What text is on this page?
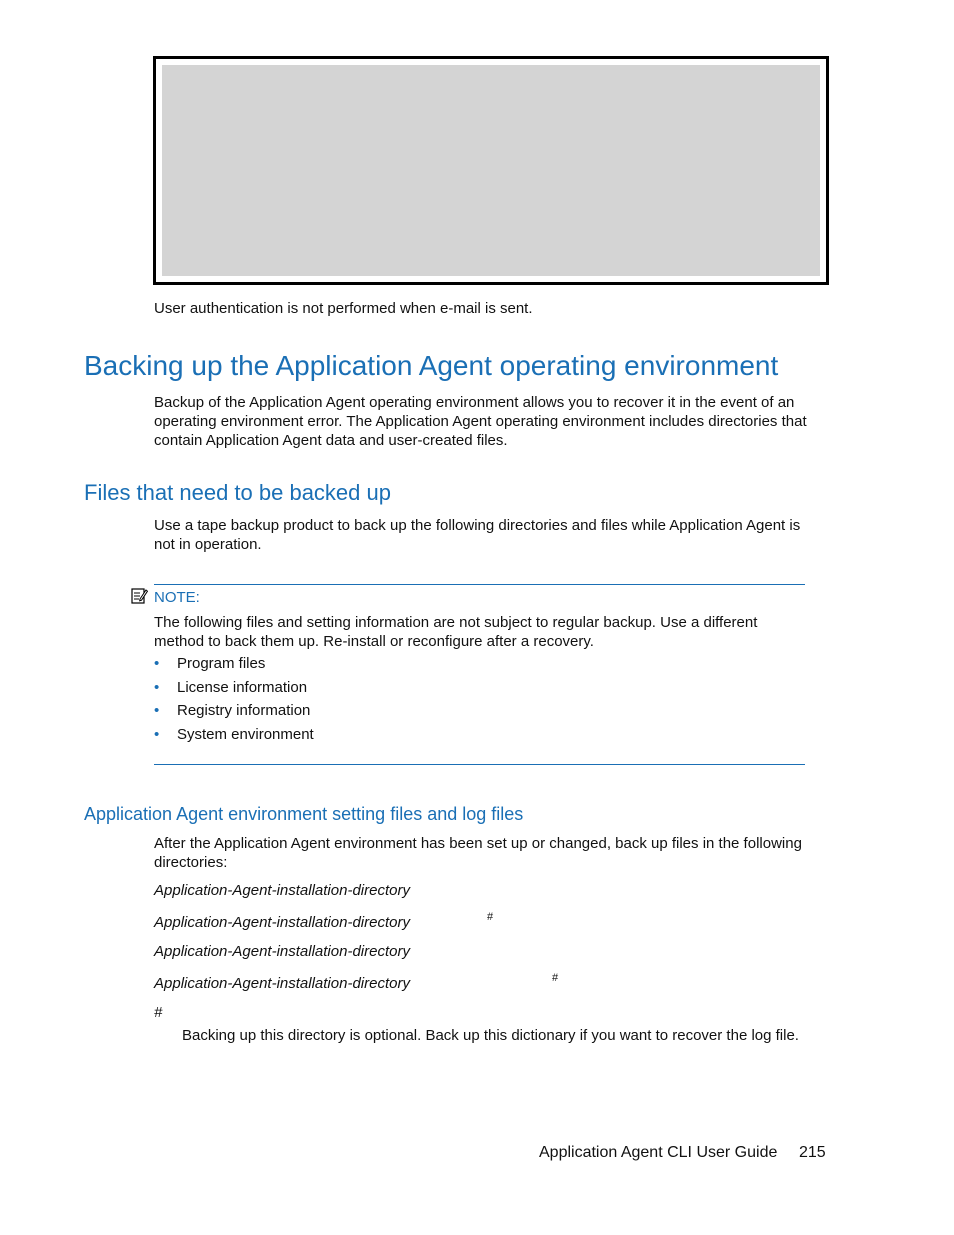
User authentication is not performed when e-mail is sent.
Backing up the Application Agent operating environment
Backup of the Application Agent operating environment allows you to recover it in the event of an operating environment error. The Application Agent operating environment includes directories that contain Application Agent data and user-created files.
Files that need to be backed up
Use a tape backup product to back up the following directories and files while Application Agent is not in operation.
NOTE:
The following files and setting information are not subject to regular backup. Use a different method to back them up. Re-install or reconfigure after a recovery.
• Program files
• License information
• Registry information
• System environment
Application Agent environment setting files and log files
After the Application Agent environment has been set up or changed, back up files in the following directories:
Application-Agent-installation-directory
Application-Agent-installation-directory	#
Application-Agent-installation-directory
Application-Agent-installation-directory	#
#
Backing up this directory is optional. Back up this dictionary if you want to recover the log file.
Application Agent CLI User Guide 215
